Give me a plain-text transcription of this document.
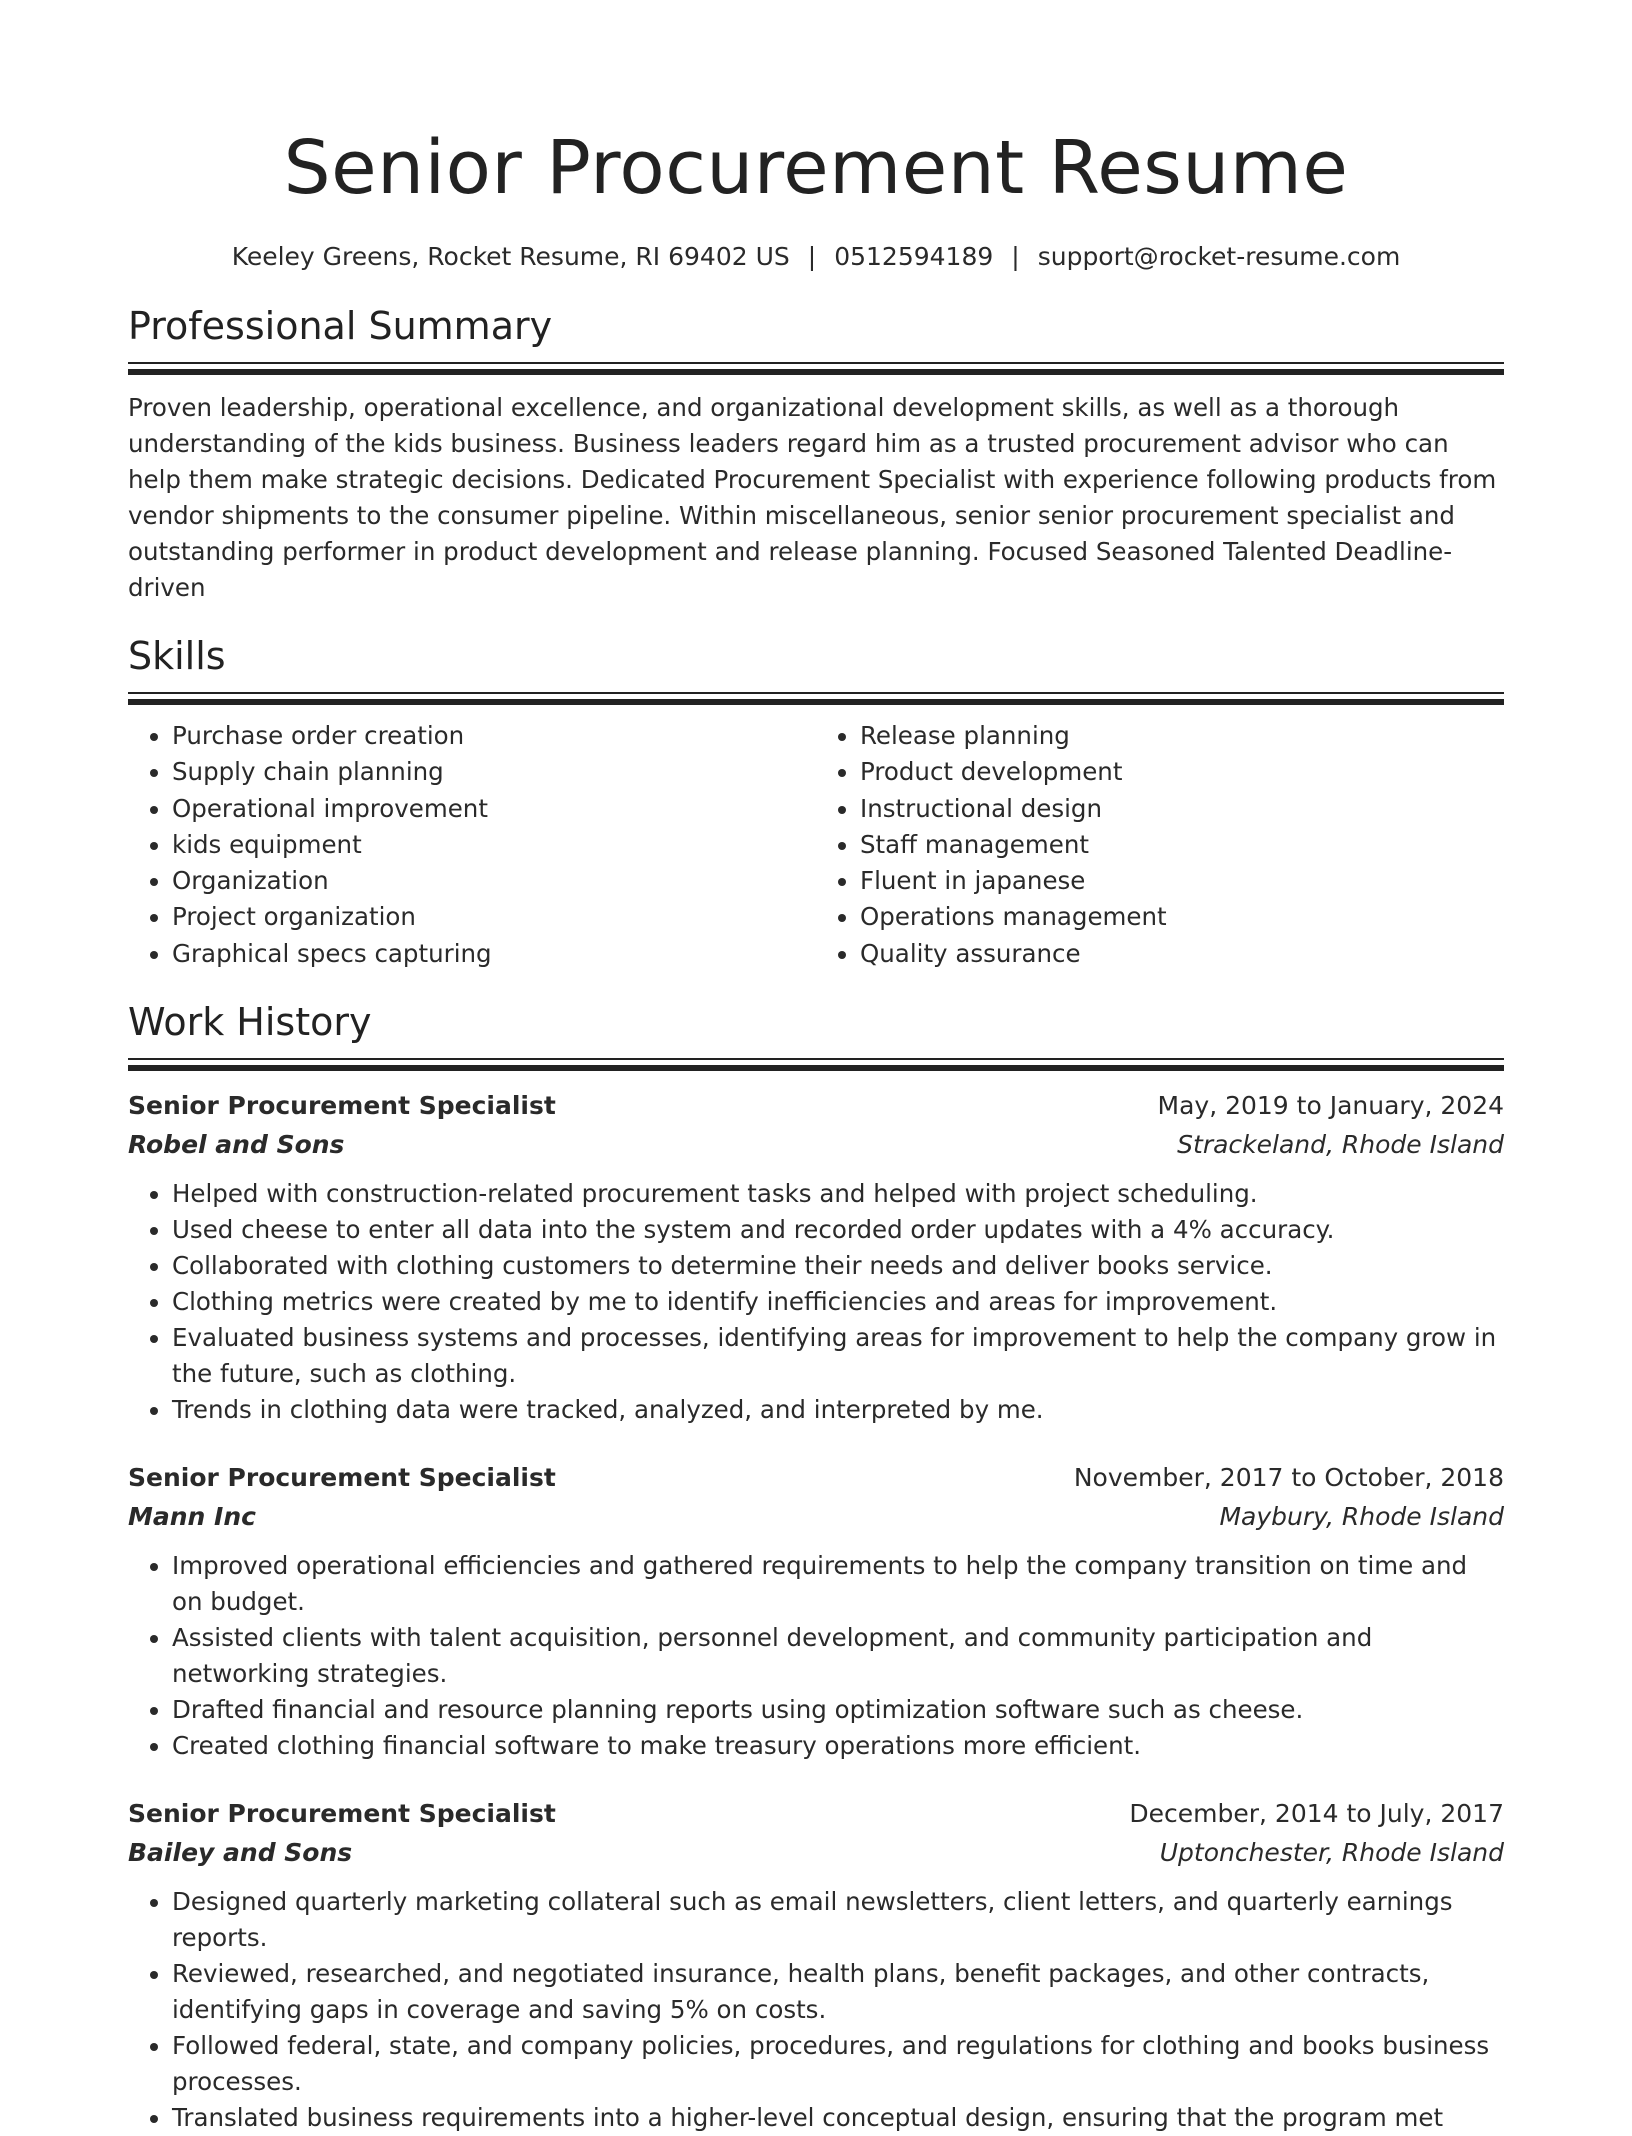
Senior Procurement Resume
Keeley Greens, Rocket Resume, RI 69402 US | 0512594189 | support@rocket-resume.com
Professional Summary

Proven leadership, operational excellence, and organizational development skills, as well as a thorough understanding of the kids business. Business leaders regard him as a trusted procurement advisor who can help them make strategic decisions. Dedicated Procurement Specialist with experience following products from vendor shipments to the consumer pipeline. Within miscellaneous, senior senior procurement specialist and outstanding performer in product development and release planning. Focused Seasoned Talented Deadline-driven

Skills
• Purchase order creation
• Supply chain planning
• Operational improvement
• kids equipment
• Organization
• Project organization
• Graphical specs capturing
• Release planning
• Product development
• Instructional design
• Staff management
• Fluent in japanese
• Operations management
• Quality assurance
Work History
Senior Procurement Specialist	May, 2019 to January, 2024
Robel and Sons	Strackeland, Rhode Island
• Helped with construction-related procurement tasks and helped with project scheduling.
• Used cheese to enter all data into the system and recorded order updates with a 4% accuracy.
• Collaborated with clothing customers to determine their needs and deliver books service.
• Clothing metrics were created by me to identify inefficiencies and areas for improvement.
• Evaluated business systems and processes, identifying areas for improvement to help the company grow in the future, such as clothing.
• Trends in clothing data were tracked, analyzed, and interpreted by me.
Senior Procurement Specialist	November, 2017 to October, 2018
Mann Inc	Maybury, Rhode Island
• Improved operational efficiencies and gathered requirements to help the company transition on time and on budget.
• Assisted clients with talent acquisition, personnel development, and community participation and networking strategies.
• Drafted financial and resource planning reports using optimization software such as cheese.
• Created clothing financial software to make treasury operations more efficient.
Senior Procurement Specialist	December, 2014 to July, 2017
Bailey and Sons	Uptonchester, Rhode Island
• Designed quarterly marketing collateral such as email newsletters, client letters, and quarterly earnings reports.
• Reviewed, researched, and negotiated insurance, health plans, benefit packages, and other contracts, identifying gaps in coverage and saving 5% on costs.
• Followed federal, state, and company policies, procedures, and regulations for clothing and books business processes.
• Translated business requirements into a higher-level conceptual design, ensuring that the program met
